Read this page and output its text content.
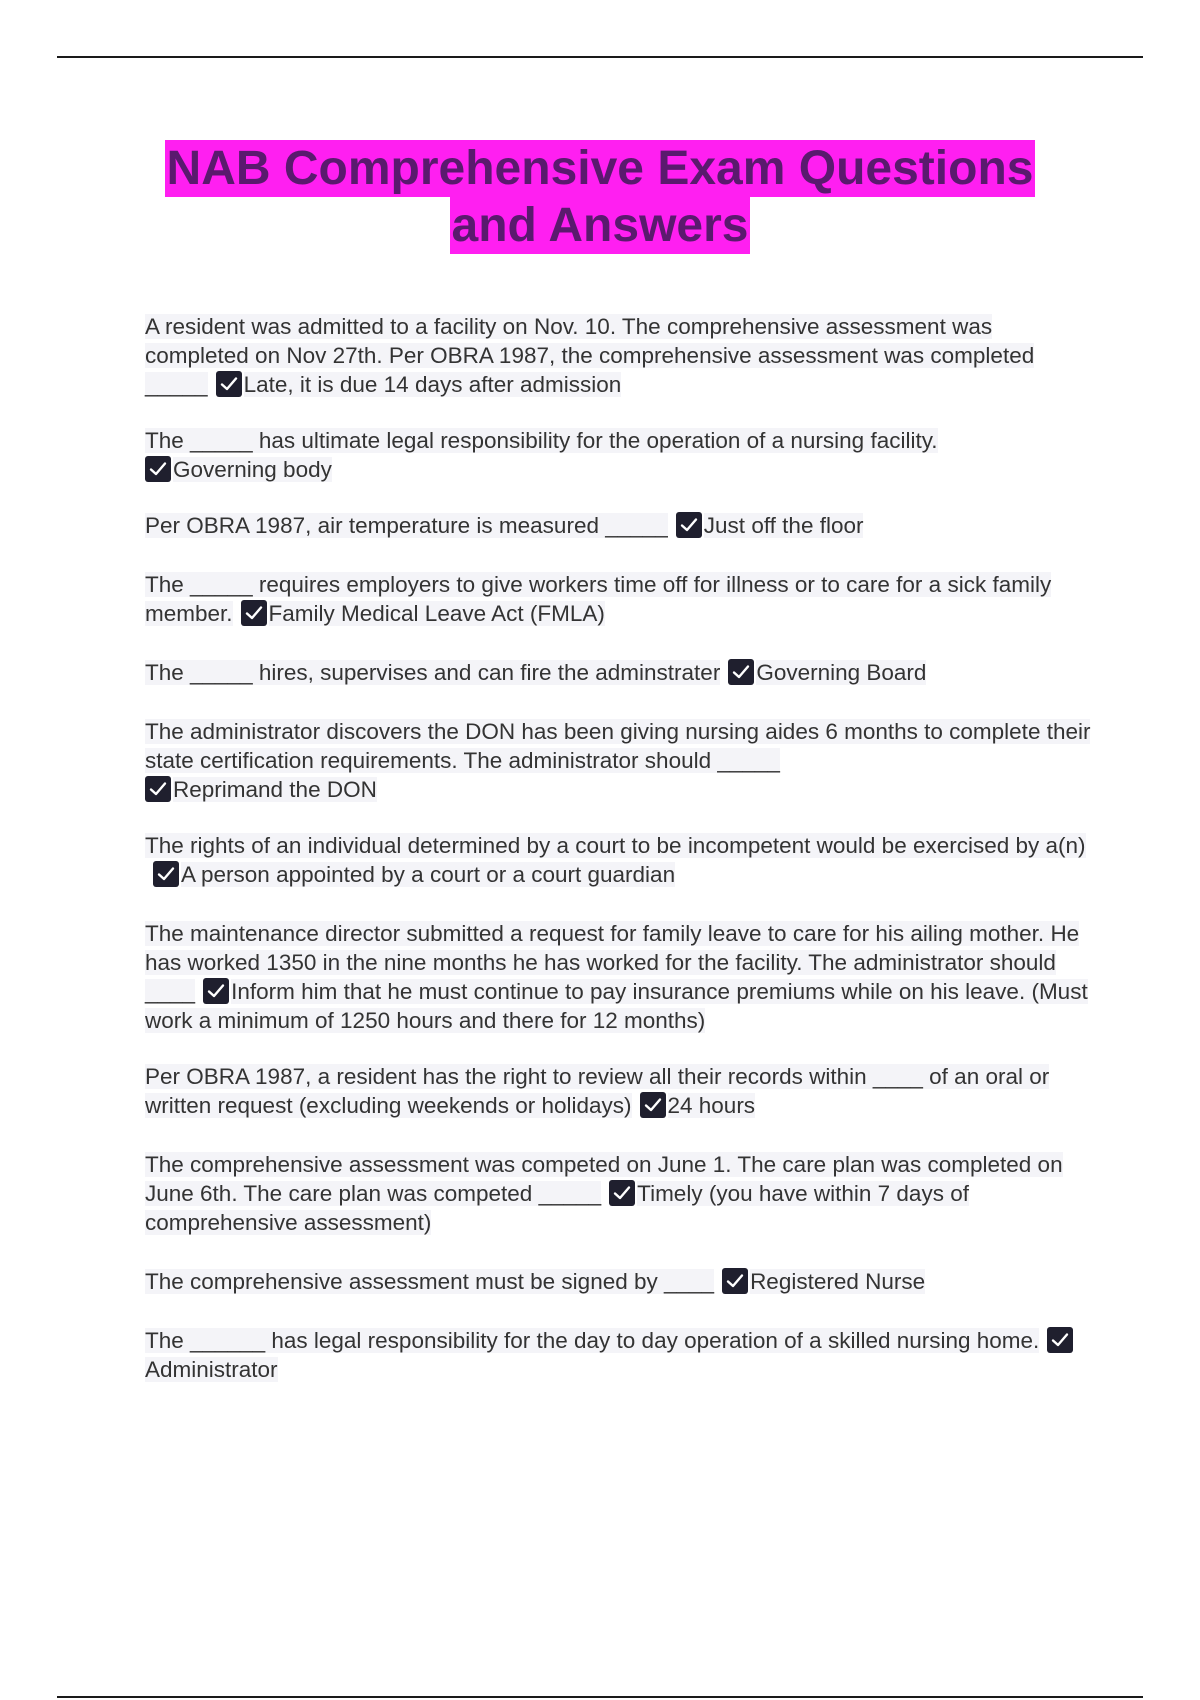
NAB Comprehensive Exam Questions
and Answers

A resident was admitted to a facility on Nov. 10. The comprehensive assessment was completed on Nov 27th. Per OBRA 1987, the comprehensive assessment was completed _____ Late, it is due 14 days after admission

The _____ has ultimate legal responsibility for the operation of a nursing facility.

Governing body

Per OBRA 1987, air temperature is measured _____ Just off the floor

The _____ requires employers to give workers time off for illness or to care for a sick family member. Family Medical Leave Act (FMLA)

The _____ hires, supervises and can fire the adminstrater Governing Board

The administrator discovers the DON has been giving nursing aides 6 months to complete their state certification requirements. The administrator should _____

Reprimand the DON

The rights of an individual determined by a court to be incompetent would be exercised by a(n)
A person appointed by a court or a court guardian

The maintenance director submitted a request for family leave to care for his ailing mother. He has worked 1350 in the nine months he has worked for the facility. The administrator should ____ Inform him that he must continue to pay insurance premiums while on his leave. (Must work a minimum of 1250 hours and there for 12 months)

Per OBRA 1987, a resident has the right to review all their records within ____ of an oral or written request (excluding weekends or holidays) 24 hours

The comprehensive assessment was competed on June 1. The care plan was completed on June 6th. The care plan was competed _____ Timely (you have within 7 days of comprehensive assessment)

The comprehensive assessment must be signed by ____ Registered Nurse

The ______ has legal responsibility for the day to day operation of a skilled nursing home.
Administrator
